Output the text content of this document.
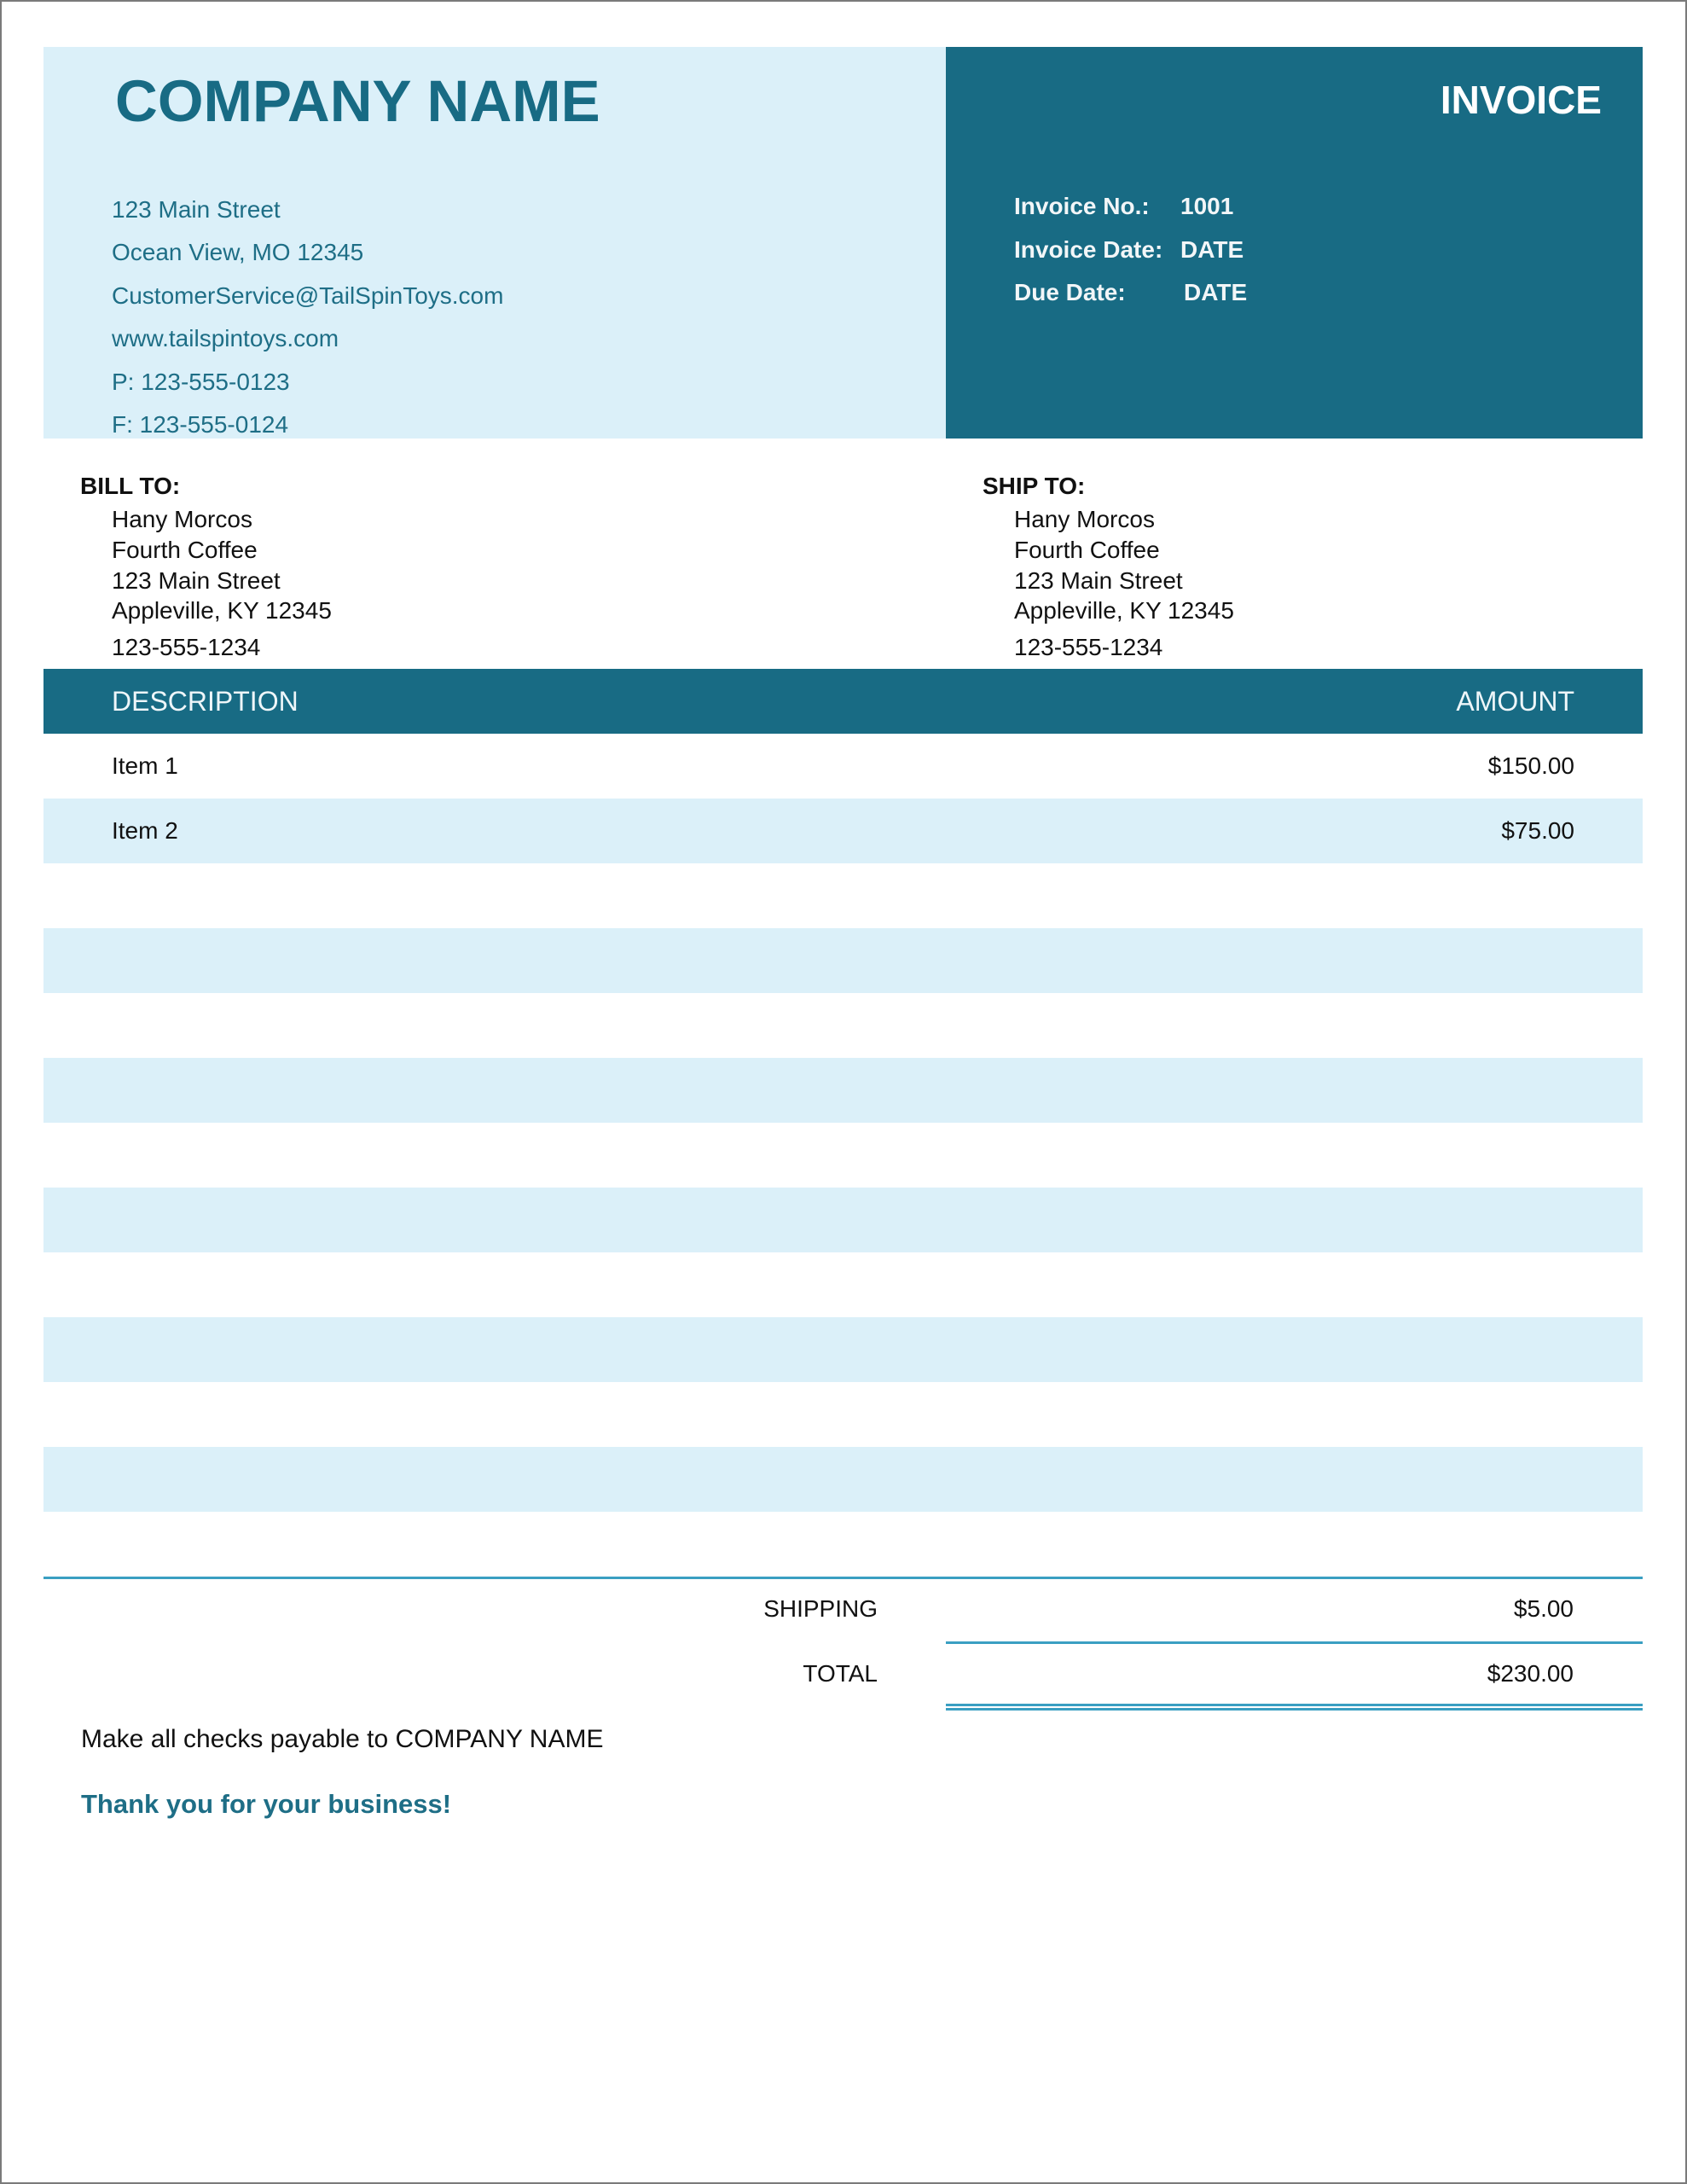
COMPANY NAME
123 Main Street
Ocean View, MO 12345
CustomerService@TailSpinToys.com
www.tailspintoys.com
P: 123-555-0123
F: 123-555-0124
INVOICE
Invoice No.: 1001
Invoice Date: DATE
Due Date: DATE
BILL TO:
Hany Morcos
Fourth Coffee
123 Main Street
Appleville, KY 12345
123-555-1234
SHIP TO:
Hany Morcos
Fourth Coffee
123 Main Street
Appleville, KY 12345
123-555-1234
DESCRIPTION	AMOUNT
Item 1	$150.00
Item 2	$75.00
SHIPPING	$5.00
TOTAL	$230.00
Make all checks payable to COMPANY NAME
Thank you for your business!
